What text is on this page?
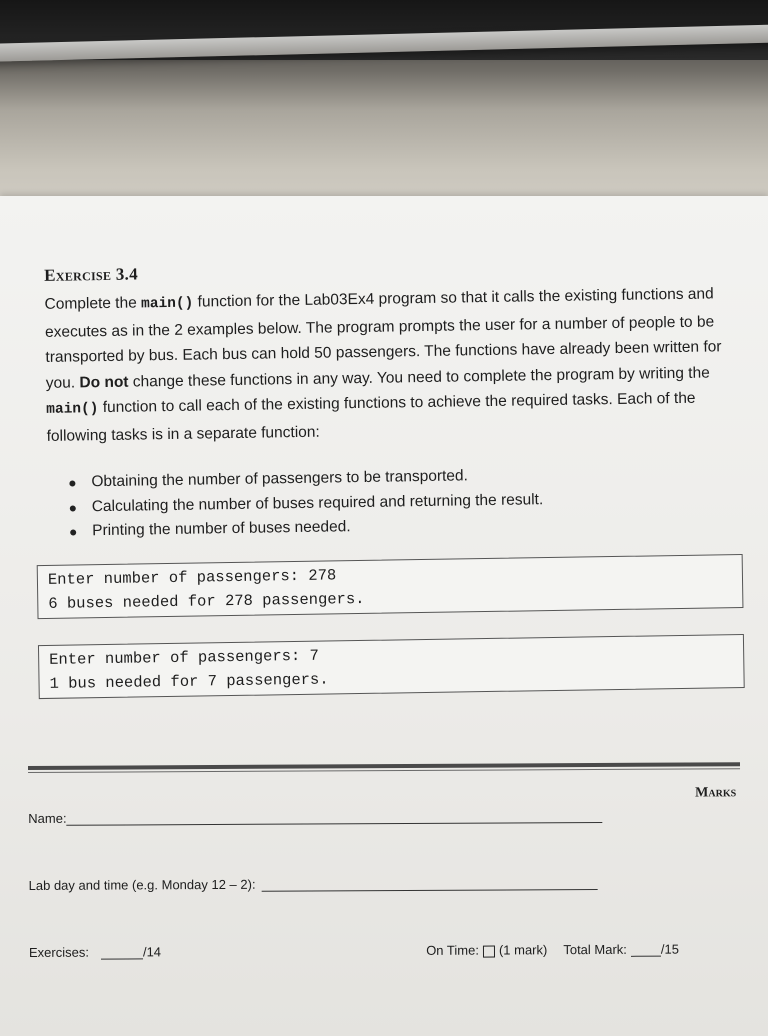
Exercise 3.4

Complete the main() function for the Lab03Ex4 program so that it calls the existing functions and executes as in the 2 examples below. The program prompts the user for a number of people to be transported by bus. Each bus can hold 50 passengers. The functions have already been written for you. Do not change these functions in any way. You need to complete the program by writing the main() function to call each of the existing functions to achieve the required tasks. Each of the following tasks is in a separate function:

Obtaining the number of passengers to be transported.
Calculating the number of buses required and returning the result.
Printing the number of buses needed.
Enter number of passengers: 278
6 buses needed for 278 passengers.
Enter number of passengers: 7
1 bus needed for 7 passengers.
Marks
Name:
Lab day and time (e.g. Monday 12 – 2):
Exercises:	/14	On Time: (1 mark) Total Mark:	/15
